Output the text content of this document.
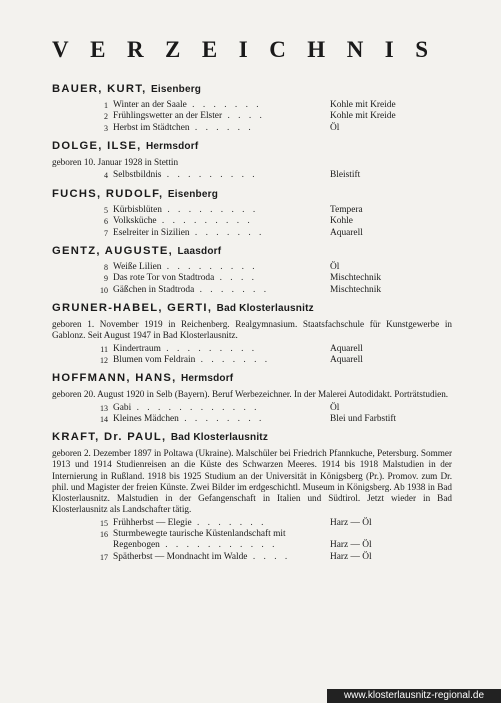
VERZEICHNIS
BAUER, KURT, Eisenberg
1 Winter an der Saale . . . . . . .	Kohle mit Kreide
2 Frühlingswetter an der Elster . . . .	Kohle mit Kreide
3 Herbst im Städtchen . . . . . .	Öl
DOLGE, ILSE, Hermsdorf
geboren 10. Januar 1928 in Stettin
4 Selbstbildnis . . . . . . . . .	Bleistift
FUCHS, RUDOLF, Eisenberg
5 Kürbisblüten . . . . . . . . .	Tempera
6 Volksküche . . . . . . . . .	Kohle
7 Eselreiter in Sizilien . . . . . . .	Aquarell
GENTZ, AUGUSTE, Laasdorf
8 Weiße Lilien . . . . . . . . .	Öl
9 Das rote Tor von Stadtroda . . . .	Mischtechnik
10 Gäßchen in Stadtroda . . . . . . .	Mischtechnik
GRUNER-HABEL, GERTI, Bad Klosterlausnitz
geboren 1. November 1919 in Reichenberg. Realgymnasium. Staatsfachschule für Kunstgewerbe in Gablonz. Seit August 1947 in Bad Klosterlausnitz.
11 Kindertraum . . . . . . . . .	Aquarell
12 Blumen vom Feldrain . . . . . . .	Aquarell
HOFFMANN, HANS, Hermsdorf
geboren 20. August 1920 in Selb (Bayern). Beruf Werbezeichner. In der Malerei Autodidakt. Porträtstudien.
13 Gabi . . . . . . . . . . . .	Öl
14 Kleines Mädchen . . . . . . . .	Blei und Farbstift
KRAFT, Dr. PAUL, Bad Klosterlausnitz
geboren 2. Dezember 1897 in Poltawa (Ukraine). Malschüler bei Friedrich Pfannkuche, Petersburg. Sommer 1913 und 1914 Studienreisen an die Küste des Schwarzen Meeres. 1914 bis 1918 Malstudien in der Internierung in Rußland. 1918 bis 1925 Studium an der Universität in Königsberg (Pr.). Promov. zum Dr. phil. und Magister der freien Künste. Zwei Bilder im erdgeschichtl. Museum in Königsberg. Ab 1938 in Bad Klosterlausnitz. Malstudien in der Gefangenschaft in Italien und Südtirol. Jetzt wieder in Bad Klosterlausnitz als Landschafter tätig.
15 Frühherbst — Elegie . . . . . . .	Harz — Öl
16 Sturmbewegte taurische Küstenlandschaft mit
Regenbogen . . . . . . . . . . .	Harz — Öl
17 Spätherbst — Mondnacht im Walde . . . .	Harz — Öl
www.klosterlausnitz-regional.de
